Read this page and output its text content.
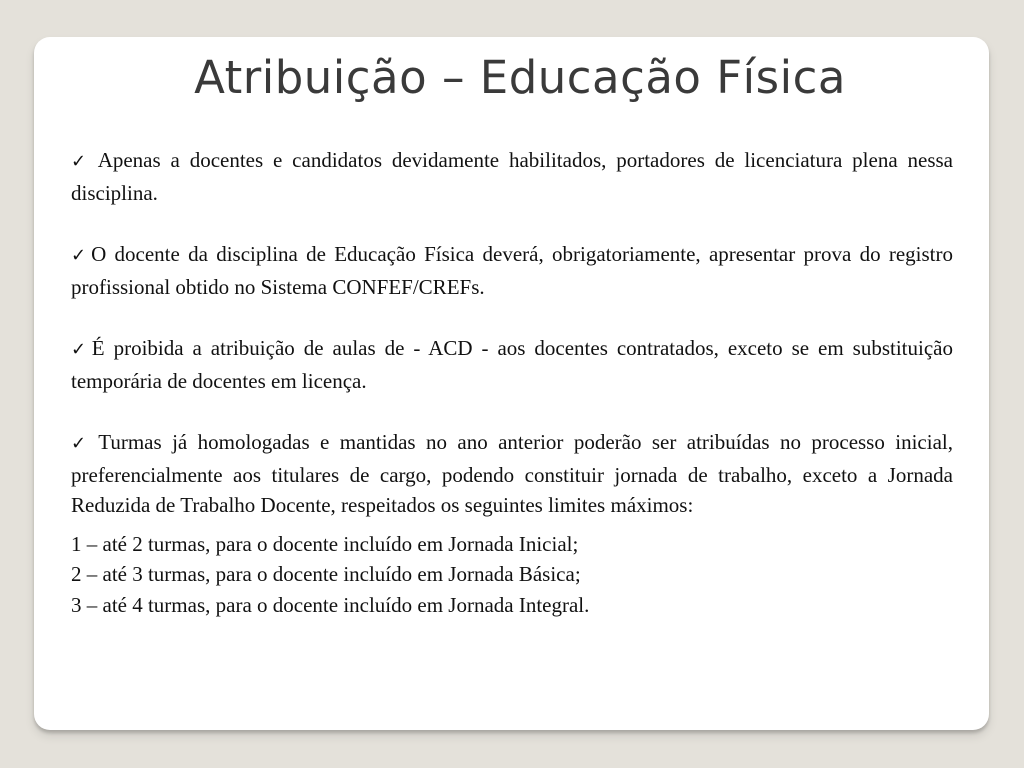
Atribuição – Educação Física

✓ Apenas a docentes e candidatos devidamente habilitados, portadores de licenciatura plena nessa disciplina.

✓O docente da disciplina de Educação Física deverá, obrigatoriamente, apresentar prova do registro profissional obtido no Sistema CONFEF/CREFs.

✓É proibida a atribuição de aulas de - ACD - aos docentes contratados, exceto se em substituição temporária de docentes em licença.

✓ Turmas já homologadas e mantidas no ano anterior poderão ser atribuídas no processo inicial, preferencialmente aos titulares de cargo, podendo constituir jornada de trabalho, exceto a Jornada Reduzida de Trabalho Docente, respeitados os seguintes limites máximos:

1 – até 2 turmas, para o docente incluído em Jornada Inicial;
2 – até 3 turmas, para o docente incluído em Jornada Básica;
3 – até 4 turmas, para o docente incluído em Jornada Integral.
